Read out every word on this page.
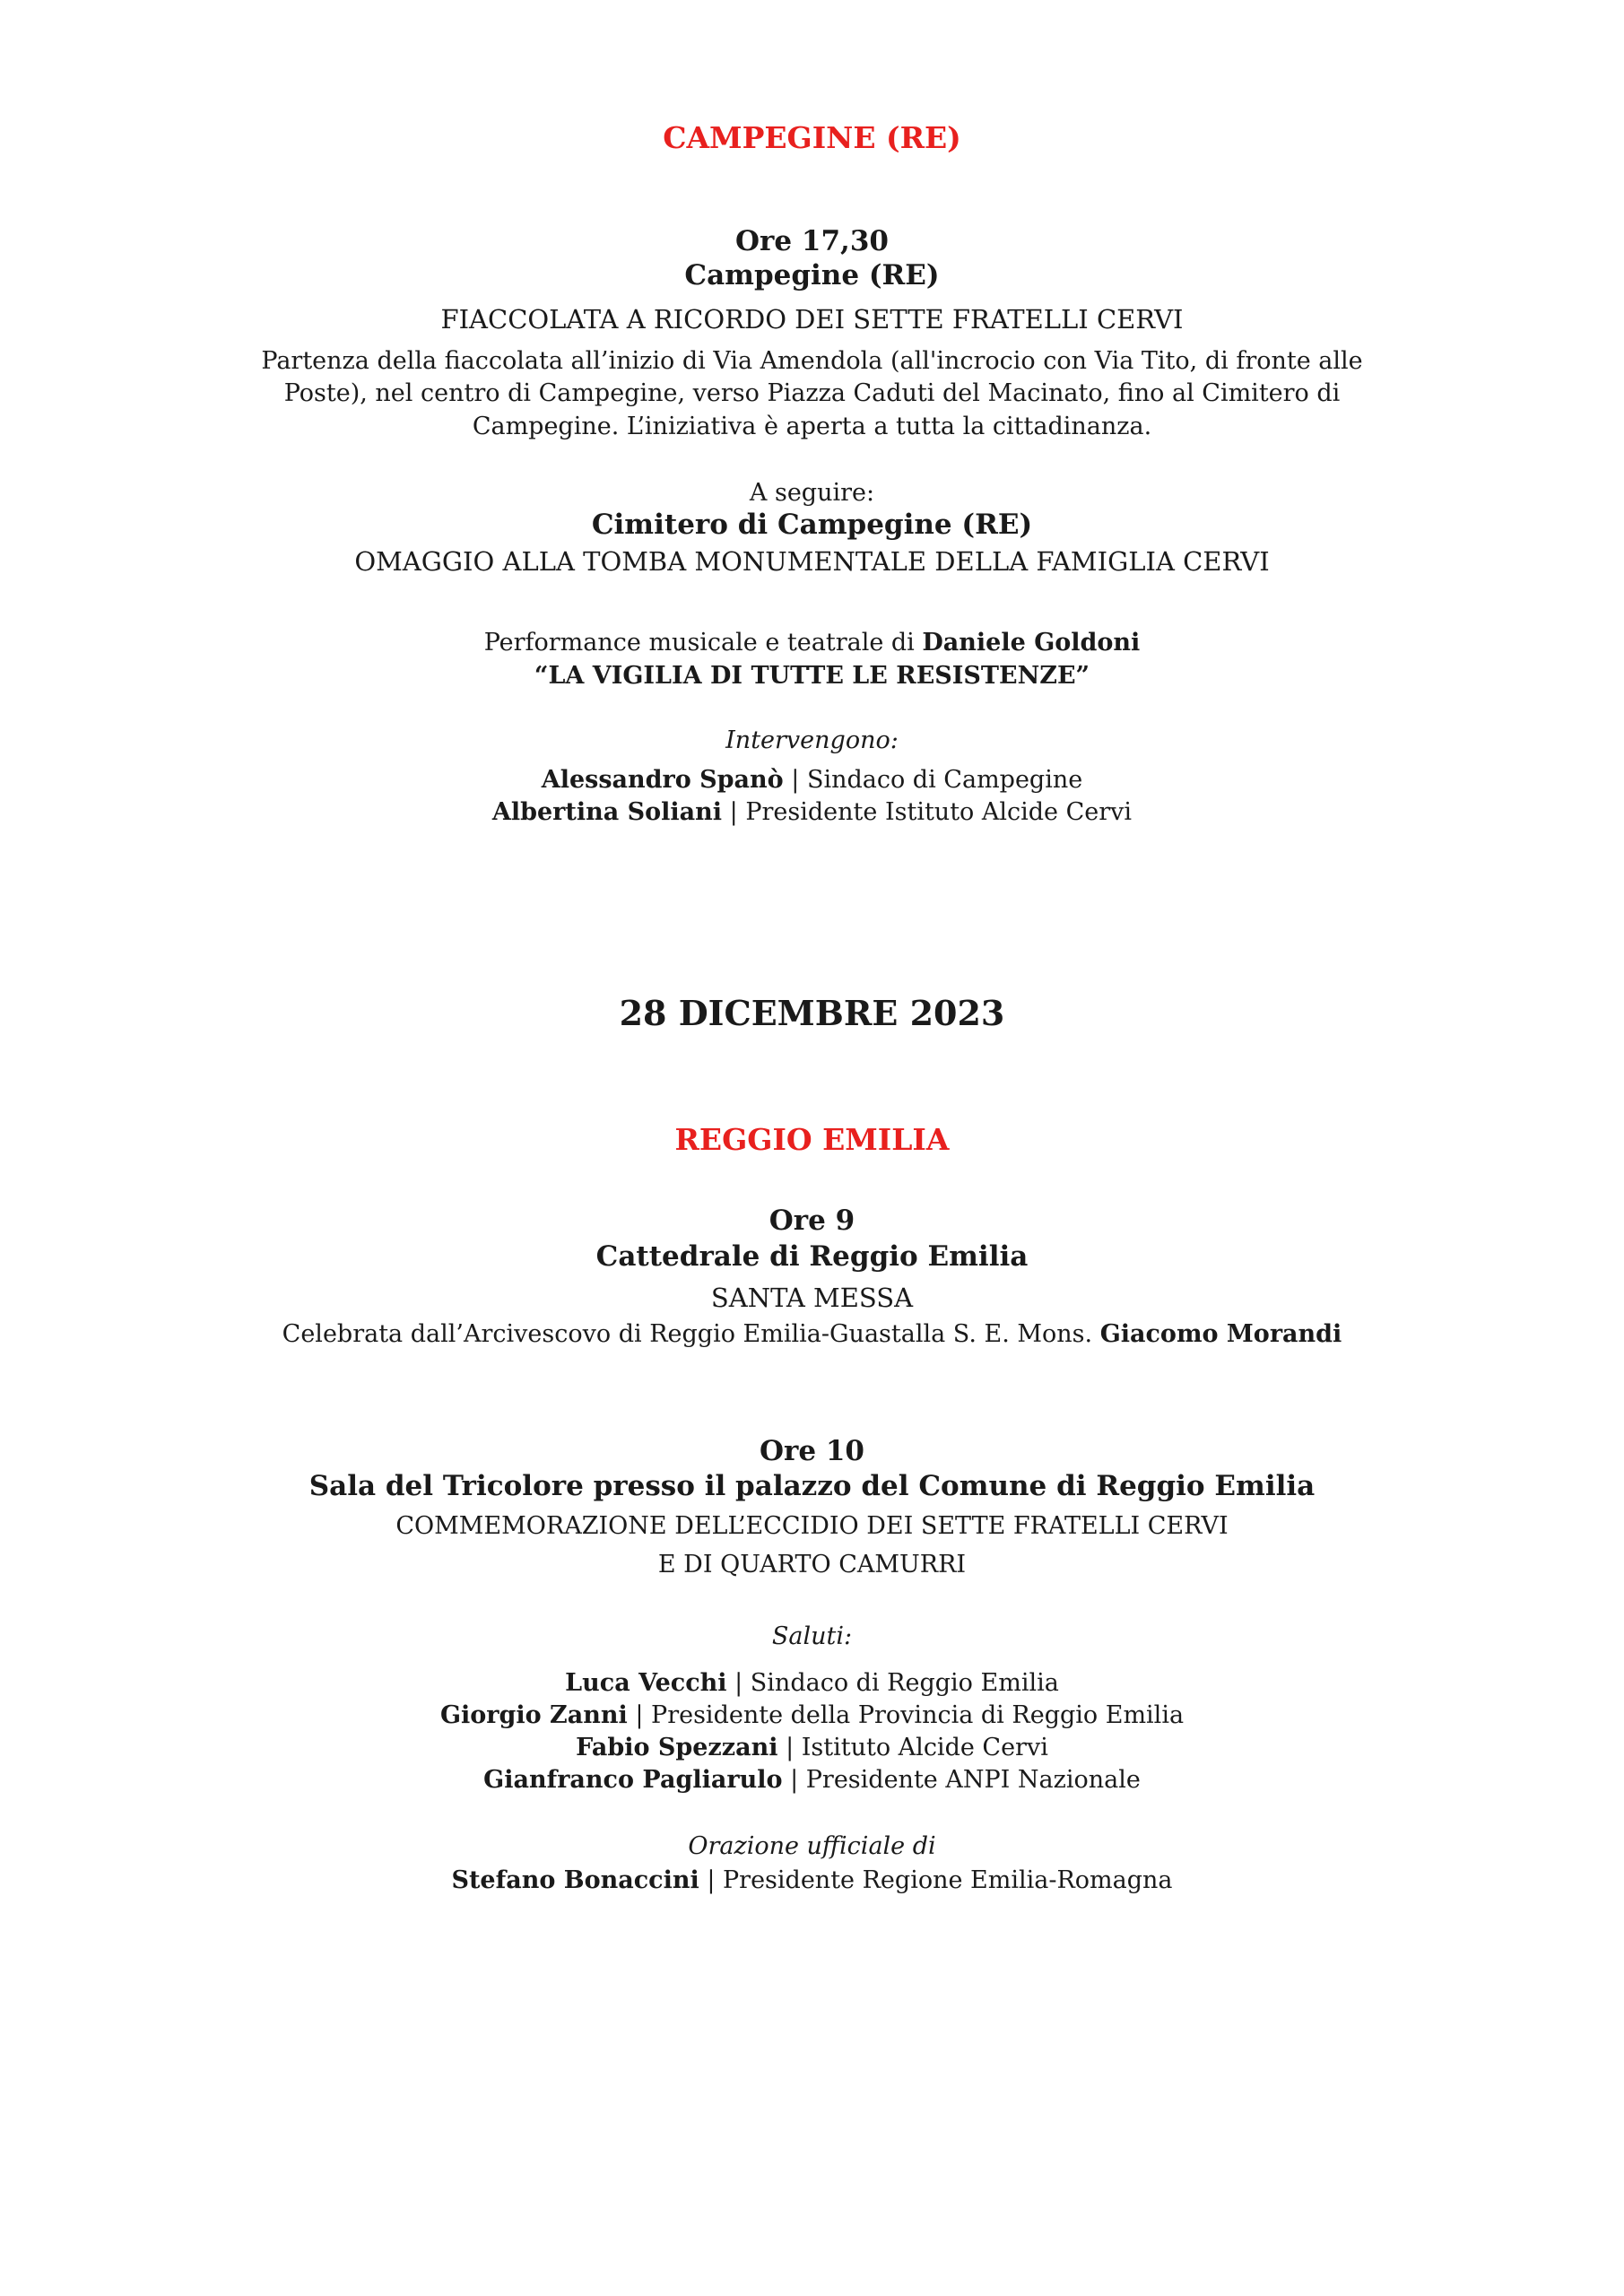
CAMPEGINE (RE)
Ore 17,30
Campegine (RE)
FIACCOLATA A RICORDO DEI SETTE FRATELLI CERVI
Partenza della fiaccolata all’inizio di Via Amendola (all'incrocio con Via Tito, di fronte alle
Poste), nel centro di Campegine, verso Piazza Caduti del Macinato, fino al Cimitero di
Campegine. L’iniziativa è aperta a tutta la cittadinanza.
A seguire:
Cimitero di Campegine (RE)
OMAGGIO ALLA TOMBA MONUMENTALE DELLA FAMIGLIA CERVI
Performance musicale e teatrale di Daniele Goldoni
“LA VIGILIA DI TUTTE LE RESISTENZE”
Intervengono:
Alessandro Spanò | Sindaco di Campegine
Albertina Soliani | Presidente Istituto Alcide Cervi
28 DICEMBRE 2023
REGGIO EMILIA
Ore 9
Cattedrale di Reggio Emilia
SANTA MESSA
Celebrata dall’Arcivescovo di Reggio Emilia-Guastalla S. E. Mons. Giacomo Morandi
Ore 10
Sala del Tricolore presso il palazzo del Comune di Reggio Emilia
COMMEMORAZIONE DELL’ECCIDIO DEI SETTE FRATELLI CERVI
E DI QUARTO CAMURRI
Saluti:
Luca Vecchi | Sindaco di Reggio Emilia
Giorgio Zanni | Presidente della Provincia di Reggio Emilia
Fabio Spezzani | Istituto Alcide Cervi
Gianfranco Pagliarulo | Presidente ANPI Nazionale
Orazione ufficiale di
Stefano Bonaccini | Presidente Regione Emilia-Romagna
